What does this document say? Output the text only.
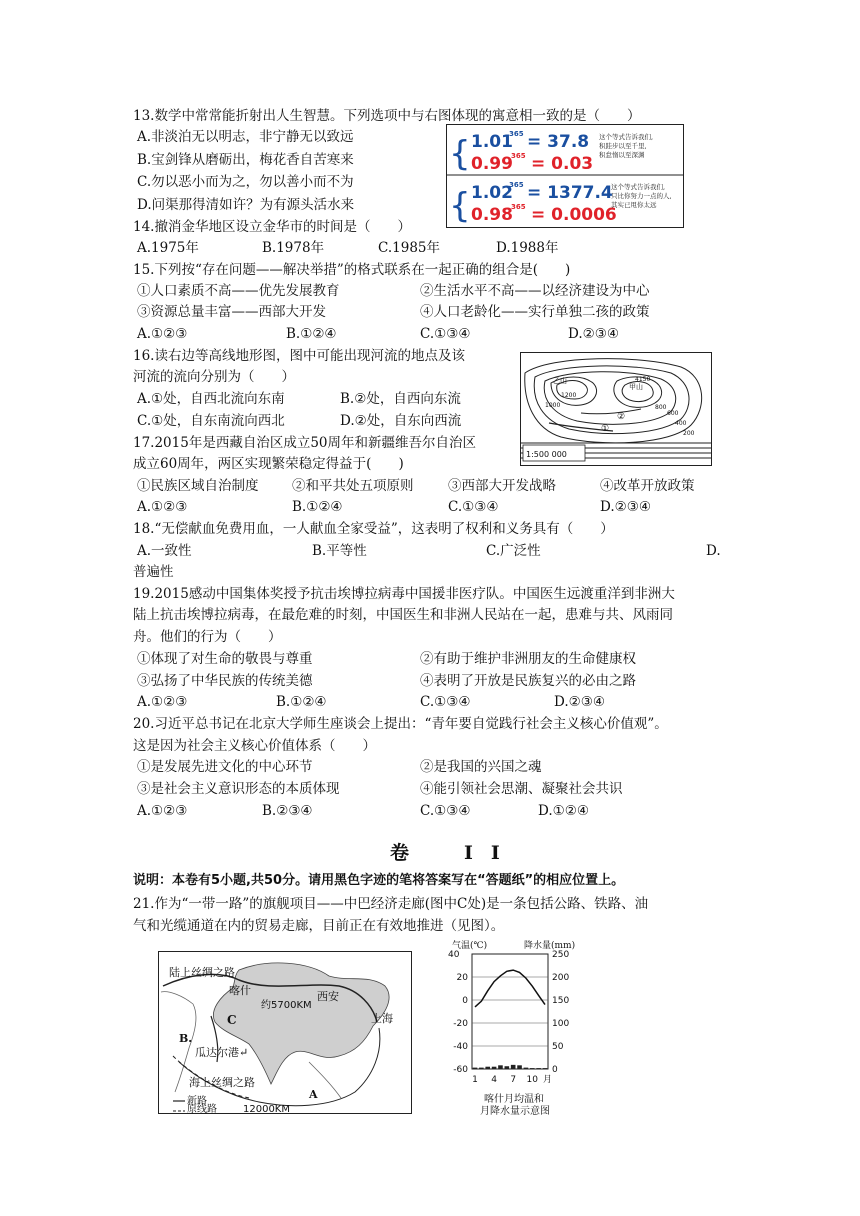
13.数学中常常能折射出人生智慧。下列选项中与右图体现的寓意相一致的是（　　）
A.非淡泊无以明志，非宁静无以致远
B.宝剑锋从磨砺出，梅花香自苦寒来
C.勿以恶小而为之，勿以善小而不为
D.问渠那得清如许？为有源头活水来
{
{
1.01
365 = 37.8
0.99
365 = 0.03
这个等式告诉我们,
积跬步以至千里,
积怠惰以至深渊
1.02
365 = 1377.4
0.98
365 = 0.0006
这个等式告诉我们,
只比你努力一点的人,
其实已甩你太远
14.撤消金华地区设立金华市的时间是（　　）
A.1975年	B.1978年	C.1985年	D.1988年
15.下列按“存在问题——解决举措”的格式联系在一起正确的组合是(　　)
①人口素质不高——优先发展教育	②生活水平不高——以经济建设为中心
③资源总量丰富——西部大开发	④人口老龄化——实行单独二孩的政策
A.①②③	B.①②④	C.①③④	D.②③④
16.读右边等高线地形图，图中可能出现河流的地点及该
河流的流向分别为（　　）
A.①处，自西北流向东南	B.②处，自西向东流
C.①处，自东南流向西北	D.②处，自东向西流
1:500 000
乙山
甲山
4150
1200
1000	800
600
400
200
①
②
17.2015年是西藏自治区成立50周年和新疆维吾尔自治区
成立60周年，两区实现繁荣稳定得益于(　　)
①民族区域自治制度 ②和平共处五项原则	③西部大开发战略	④改革开放政策
A.①②③	B.①②④	C.①③④	D.②③④
18.“无偿献血免费用血，一人献血全家受益”，这表明了权利和义务具有（　　）
A.一致性	B.平等性	C.广泛性	D.
普遍性
19.2015感动中国集体奖授予抗击埃博拉病毒中国援非医疗队。中国医生远渡重洋到非洲大
陆上抗击埃博拉病毒，在最危难的时刻，中国医生和非洲人民站在一起，患难与共、风雨同
舟。他们的行为（　　）
①体现了对生命的敬畏与尊重	②有助于维护非洲朋友的生命健康权
③弘扬了中华民族的传统美德	④表明了开放是民族复兴的必由之路
A.①②③	B.①②④	C.①③④	D.②③④
20.习近平总书记在北京大学师生座谈会上提出：“青年要自觉践行社会主义核心价值观”。
这是因为社会主义核心价值体系（　　）
①是发展先进文化的中心环节	②是我国的兴国之魂
③是社会主义意识形态的本质体现	④能引领社会思潮、凝聚社会共识
A.①②③	B.②③④	C.①③④	D.①②④
卷　II
说明：本卷有5小题,共50分。请用黑色字迹的笔将答案写在“答题纸”的相应位置上。
21.作为“一带一路”的旗舰项目——中巴经济走廊(图中C处)是一条包括公路、铁路、油
气和光缆通道在内的贸易走廊，目前正在有效地推进（见图）。
陆上丝绸之路
喀什	西安
约5700KM
上海
B.
C
瓜达尔港↵
海上丝绸之路
A
新路
原线路	12000KM
气温(℃)	降水量(mm)
40
20
0
-20
-40
-60
250
200
150
100
50
0
1 4 7 10 月
喀什月均温和
月降水量示意图
